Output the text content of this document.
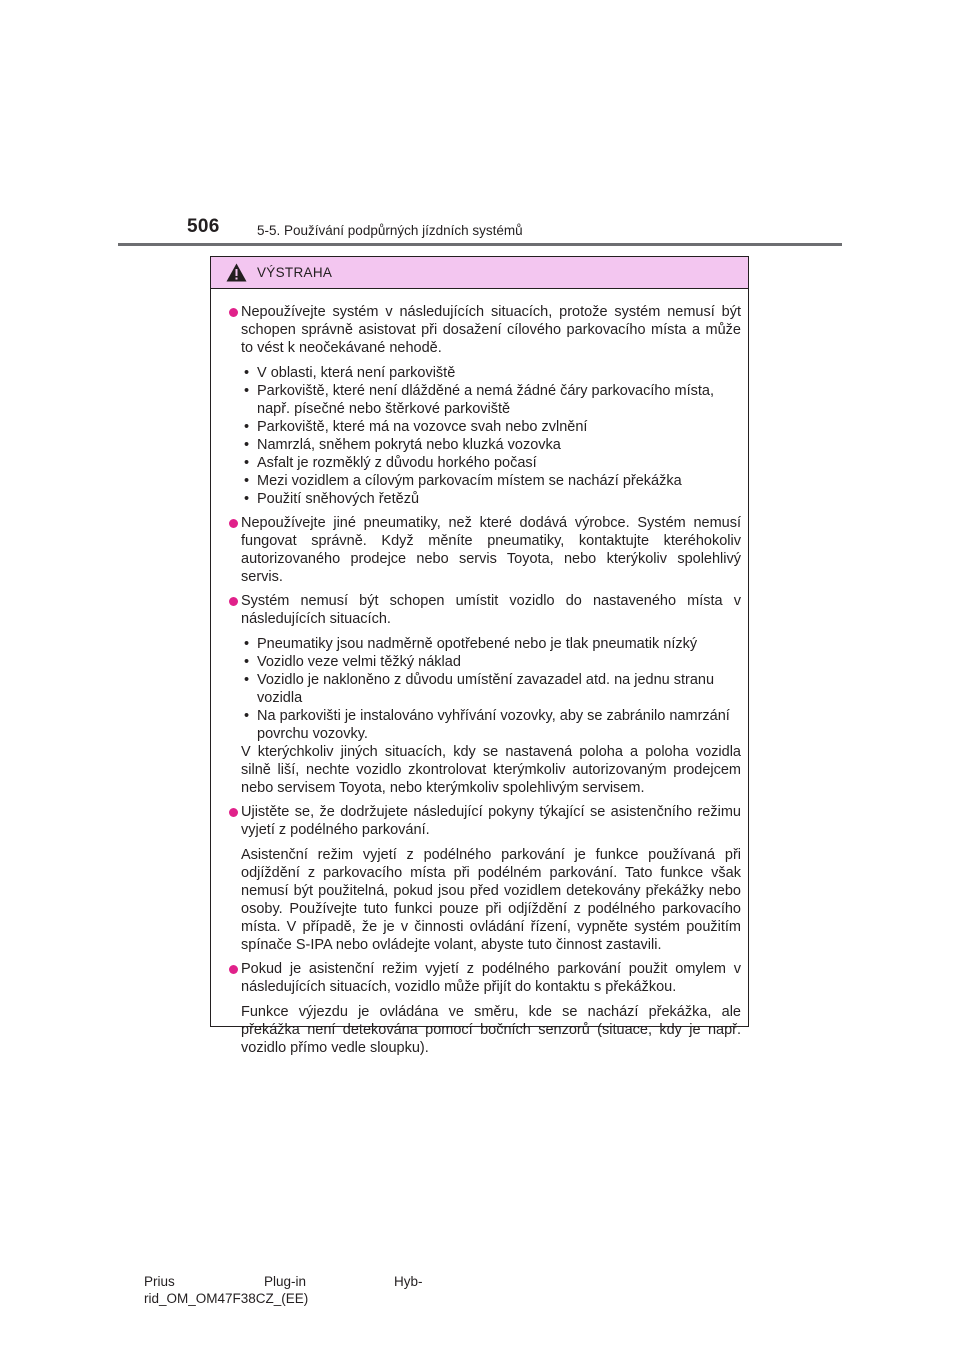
506	5-5. Používání podpůrných jízdních systémů
VÝSTRAHA
Nepoužívejte systém v následujících situacích, protože systém nemusí být schopen správně asistovat při dosažení cílového parkovacího místa a může to vést k neočekávané nehodě.
• V oblasti, která není parkoviště
• Parkoviště, které není dlážděné a nemá žádné čáry parkovacího místa, např. písečné nebo štěrkové parkoviště
• Parkoviště, které má na vozovce svah nebo zvlnění
• Namrzlá, sněhem pokrytá nebo kluzká vozovka
• Asfalt je rozměklý z důvodu horkého počasí
• Mezi vozidlem a cílovým parkovacím místem se nachází překážka
• Použití sněhových řetězů
Nepoužívejte jiné pneumatiky, než které dodává výrobce. Systém nemusí fungovat správně. Když měníte pneumatiky, kontaktujte kteréhokoliv autorizovaného prodejce nebo servis Toyota, nebo kterýkoliv spolehlivý servis.
Systém nemusí být schopen umístit vozidlo do nastaveného místa v následujících situacích.
• Pneumatiky jsou nadměrně opotřebené nebo je tlak pneumatik nízký
• Vozidlo veze velmi těžký náklad
• Vozidlo je nakloněno z důvodu umístění zavazadel atd. na jednu stranu vozidla
• Na parkovišti je instalováno vyhřívání vozovky, aby se zabránilo namrzání povrchu vozovky.
V kterýchkoliv jiných situacích, kdy se nastavená poloha a poloha vozidla silně liší, nechte vozidlo zkontrolovat kterýmkoliv autorizovaným prodejcem nebo servisem Toyota, nebo kterýmkoliv spolehlivým servisem.
Ujistěte se, že dodržujete následující pokyny týkající se asistenčního režimu vyjetí z podélného parkování.
Asistenční režim vyjetí z podélného parkování je funkce používaná při odjíždění z parkovacího místa při podélném parkování. Tato funkce však nemusí být použitelná, pokud jsou před vozidlem detekovány překážky nebo osoby. Používejte tuto funkci pouze při odjíždění z podélného parkovacího místa. V případě, že je v činnosti ovládání řízení, vypněte systém použitím spínače S-IPA nebo ovládejte volant, abyste tuto činnost zastavili.
Pokud je asistenční režim vyjetí z podélného parkování použit omylem v následujících situacích, vozidlo může přijít do kontaktu s překážkou.
Funkce výjezdu je ovládána ve směru, kde se nachází překážka, ale překážka není detekována pomocí bočních senzorů (situace, kdy je např. vozidlo přímo vedle sloupku).
Prius	Plug-in	Hyb-
rid_OM_OM47F38CZ_(EE)
